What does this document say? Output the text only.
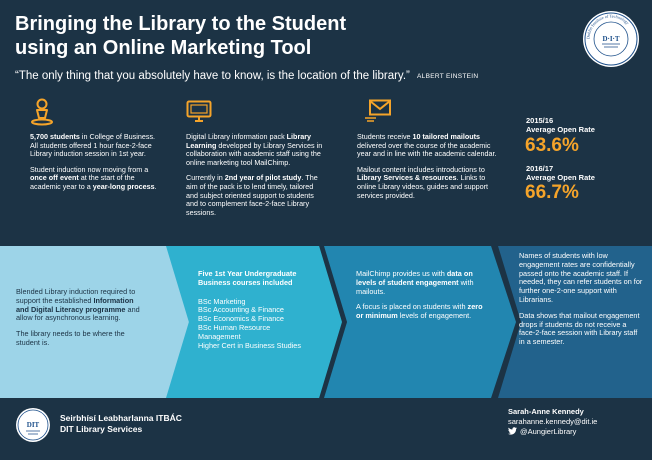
Bringing the Library to the Student
using an Online Marketing Tool	Dublin Institute of Technology
D·I·T
“The only thing that you absolutely have to know, is the location of the library.” ALBERT EINSTEIN

5,700 students in College of Business. All students offered 1 hour face-2-face Library induction session in 1st year.

Student induction now moving from a once off event at the start of the academic year to a year-long process.

Digital Library information pack Library Learning developed by Library Services in collaboration with academic staff using the online marketing tool MailChimp.

Currently in 2nd year of pilot study. The aim of the pack is to lend timely, tailored and subject oriented support to students and to complement face-2-face Library sessions.

Students receive 10 tailored mailouts delivered over the course of the academic year and in line with the academic calendar.

Mailout content includes introductions to Library Services & resources. Links to online Library videos, guides and support services provided.

2015/16
Average Open Rate
63.6%
2016/17
Average Open Rate
66.7%

Blended Library induction required to support the established Information and Digital Literacy programme and allow for asynchronous learning.

The library needs to be where the student is.

Five 1st Year Undergraduate Business courses included

BSc Marketing
BSc Accounting & Finance
BSc Economics & Finance
BSc Human Resource Management
Higher Cert in Business Studies

MailChimp provides us with data on levels of student engagement with mailouts.

A focus is placed on students with zero or minimum levels of engagement.

Names of students with low engagement rates are confidentially passed onto the academic staff. If needed, they can refer students on for further one-2-one support with Librarians.

Data shows that mailout engagement drops if students do not receive a face-2-face session with Library staff in a semester.

DIT
Seirbhísí Leabharlanna ITBÁC
DIT Library Services
Sarah-Anne Kennedy
sarahanne.kennedy@dit.ie
@AungierLibrary
